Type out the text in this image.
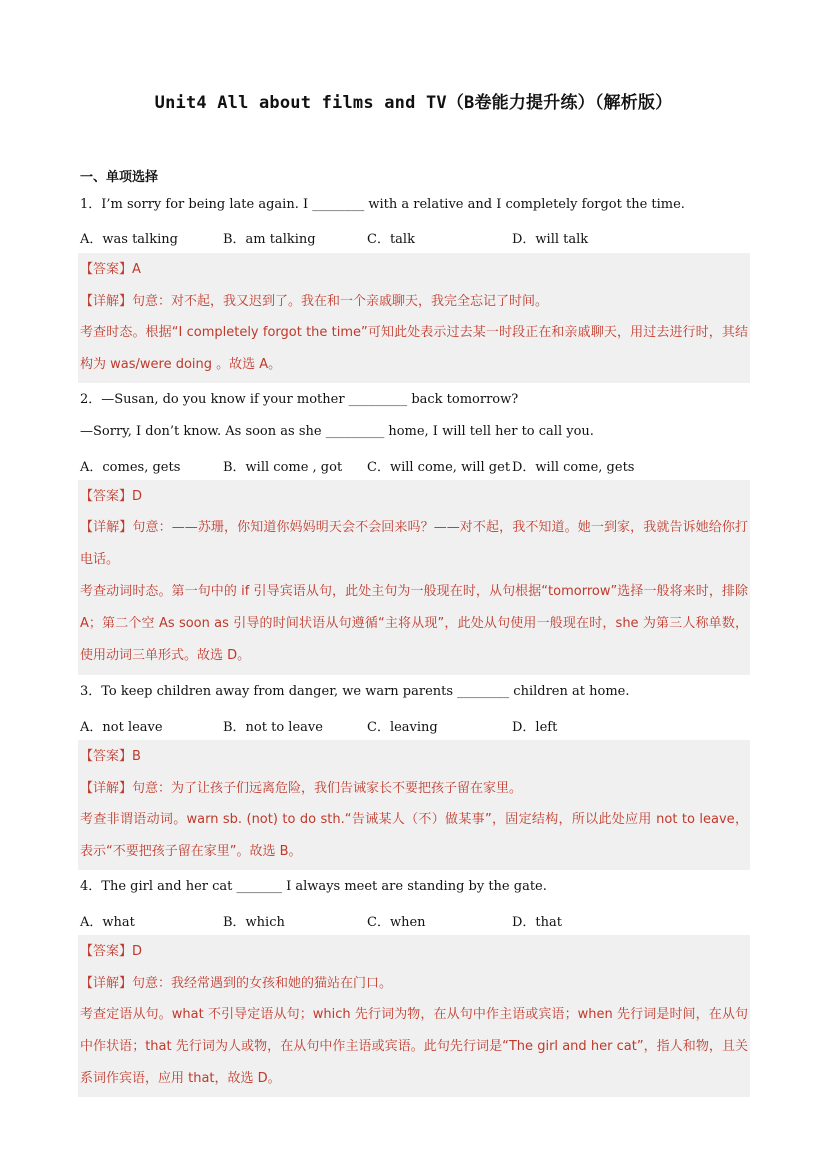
Unit4 All about films and TV（B卷能力提升练）（解析版）
一、单项选择
1．I’m sorry for being late again. I ________ with a relative and I completely forgot the time.
A．was talking	B．am talking	C．talk	D．will talk
【答案】A
【详解】句意：对不起，我又迟到了。我在和一个亲戚聊天，我完全忘记了时间。
考查时态。根据“I completely forgot the time”可知此处表示过去某一时段正在和亲戚聊天，用过去进行时，其结构为 was/were doing 。故选 A。
2．—Susan, do you know if your mother _________ back tomorrow?
—Sorry, I don’t know. As soon as she _________ home, I will tell her to call you.
A．comes, gets	B．will come , got C．will come, will get D．will come, gets
【答案】D
【详解】句意：——苏珊，你知道你妈妈明天会不会回来吗？——对不起，我不知道。她一到家，我就告诉她给你打电话。
考查动词时态。第一句中的 if 引导宾语从句，此处主句为一般现在时，从句根据“tomorrow”选择一般将来时，排除 A；第二个空 As soon as 引导的时间状语从句遵循“主将从现”，此处从句使用一般现在时，she 为第三人称单数，使用动词三单形式。故选 D。
3．To keep children away from danger, we warn parents ________ children at home.
A．not leave	B．not to leave	C．leaving	D．left
【答案】B
【详解】句意：为了让孩子们远离危险，我们告诫家长不要把孩子留在家里。
考查非谓语动词。warn sb. (not) to do sth.“告诫某人（不）做某事”，固定结构，所以此处应用 not to leave，表示“不要把孩子留在家里”。故选 B。
4．The girl and her cat _______ I always meet are standing by the gate.
A．what	B．which	C．when	D．that
【答案】D
【详解】句意：我经常遇到的女孩和她的猫站在门口。
考查定语从句。what 不引导定语从句；which 先行词为物，在从句中作主语或宾语；when 先行词是时间，在从句中作状语；that 先行词为人或物，在从句中作主语或宾语。此句先行词是“The girl and her cat”，指人和物，且关系词作宾语，应用 that，故选 D。
